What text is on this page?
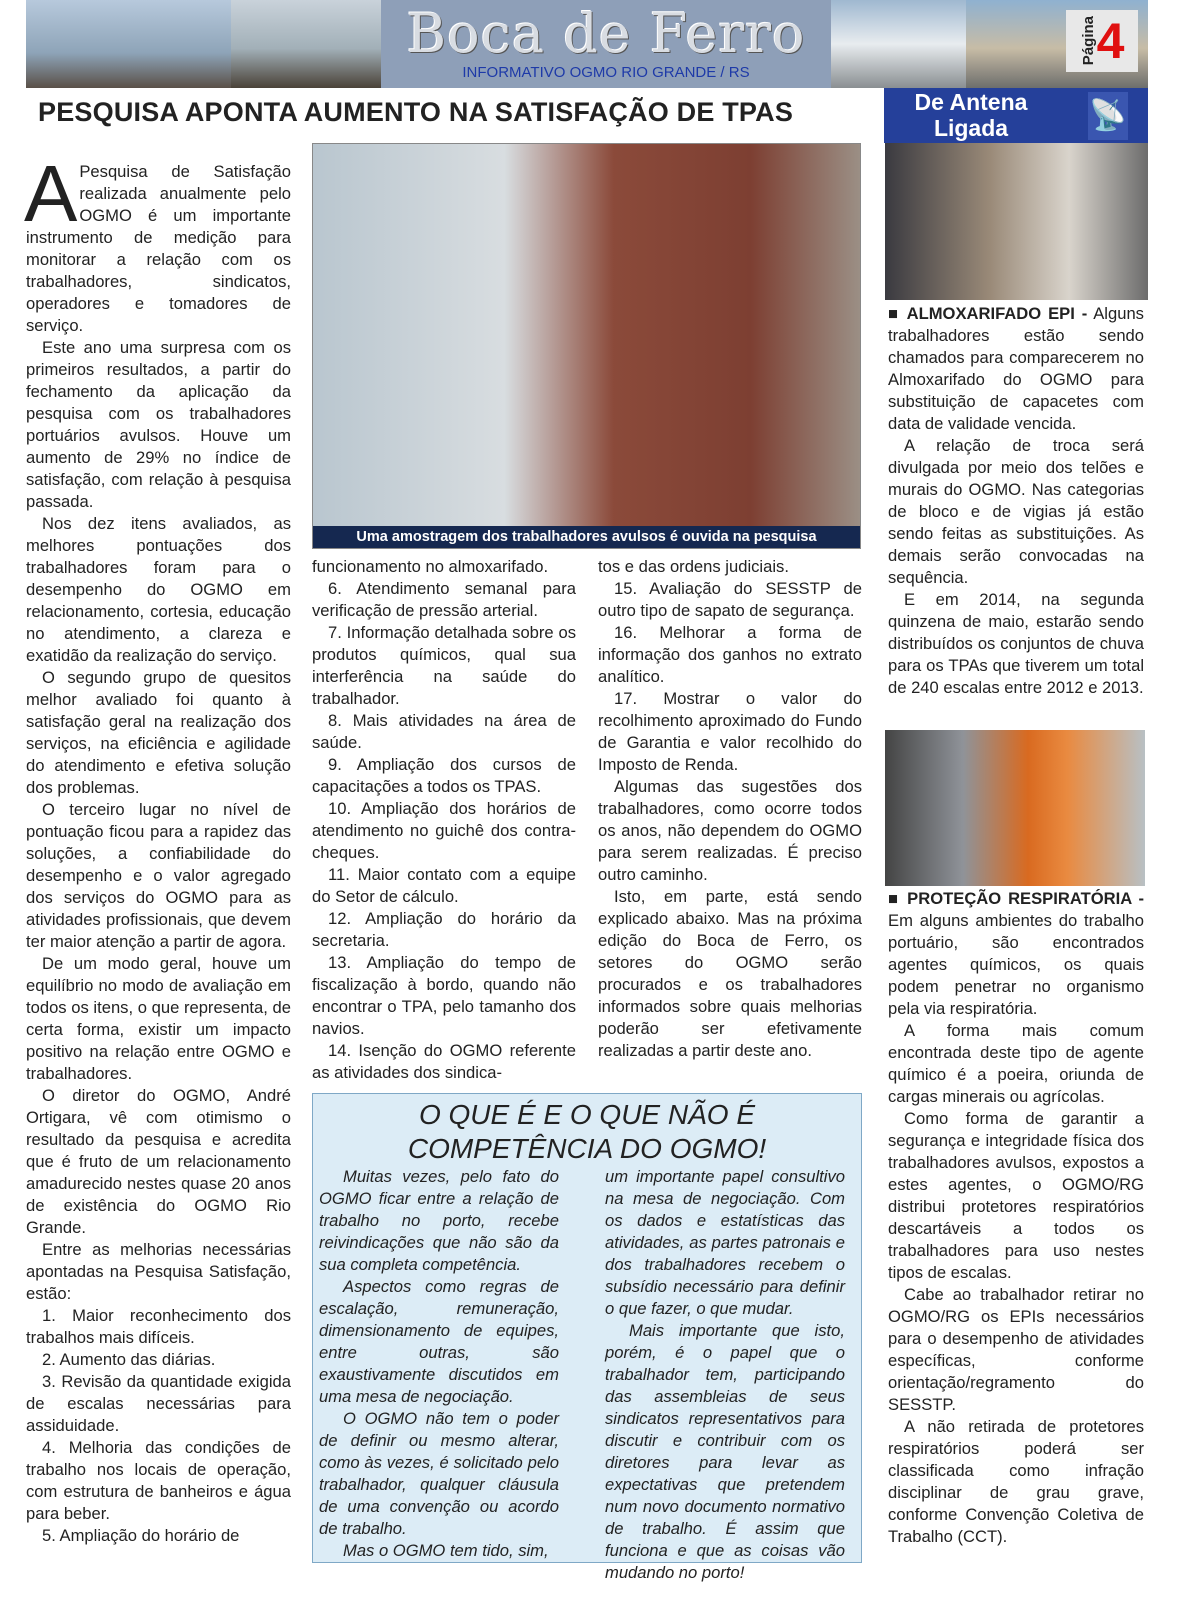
Boca de Ferro
INFORMATIVO OGMO RIO GRANDE / RS
Página 4
PESQUISA APONTA AUMENTO NA SATISFAÇÃO DE TPAS
A Pesquisa de Satisfação realizada anualmente pelo OGMO é um importante instrumento de medição para monitorar a relação com os trabalhadores, sindicatos, operadores e tomadores de serviço.

Este ano uma surpresa com os primeiros resultados, a partir do fechamento da aplicação da pesquisa com os trabalhadores portuários avulsos. Houve um aumento de 29% no índice de satisfação, com relação à pesquisa passada.

Nos dez itens avaliados, as melhores pontuações dos trabalhadores foram para o desempenho do OGMO em relacionamento, cortesia, educação no atendimento, a clareza e exatidão da realização do serviço.

O segundo grupo de quesitos melhor avaliado foi quanto à satisfação geral na realização dos serviços, na eficiência e agilidade do atendimento e efetiva solução dos problemas.

O terceiro lugar no nível de pontuação ficou para a rapidez das soluções, a confiabilidade do desempenho e o valor agregado dos serviços do OGMO para as atividades profissionais, que devem ter maior atenção a partir de agora.

De um modo geral, houve um equilíbrio no modo de avaliação em todos os itens, o que representa, de certa forma, existir um impacto positivo na relação entre OGMO e trabalhadores.

O diretor do OGMO, André Ortigara, vê com otimismo o resultado da pesquisa e acredita que é fruto de um relacionamento amadurecido nestes quase 20 anos de existência do OGMO Rio Grande.

Entre as melhorias necessárias apontadas na Pesquisa Satisfação, estão:

1. Maior reconhecimento dos trabalhos mais difíceis.

2. Aumento das diárias.

3. Revisão da quantidade exigida de escalas necessárias para assiduidade.

4. Melhoria das condições de trabalho nos locais de operação, com estrutura de banheiros e água para beber.

5. Ampliação do horário de

Uma amostragem dos trabalhadores avulsos é ouvida na pesquisa

funcionamento no almoxarifado.

6. Atendimento semanal para verificação de pressão arterial.

7. Informação detalhada sobre os produtos químicos, qual sua interferência na saúde do trabalhador.

8. Mais atividades na área de saúde.

9. Ampliação dos cursos de capacitações a todos os TPAS.

10. Ampliação dos horários de atendimento no guichê dos contra-cheques.

11. Maior contato com a equipe do Setor de cálculo.

12. Ampliação do horário da secretaria.

13. Ampliação do tempo de fiscalização à bordo, quando não encontrar o TPA, pelo tamanho dos navios.

14. Isenção do OGMO referente as atividades dos sindica-

tos e das ordens judiciais.

15. Avaliação do SESSTP de outro tipo de sapato de segurança.

16. Melhorar a forma de informação dos ganhos no extrato analítico.

17. Mostrar o valor do recolhimento aproximado do Fundo de Garantia e valor recolhido do Imposto de Renda.

Algumas das sugestões dos trabalhadores, como ocorre todos os anos, não dependem do OGMO para serem realizadas. É preciso outro caminho.

Isto, em parte, está sendo explicado abaixo. Mas na próxima edição do Boca de Ferro, os setores do OGMO serão procurados e os trabalhadores informados sobre quais melhorias poderão ser efetivamente realizadas a partir deste ano.

O QUE É E O QUE NÃO É
COMPETÊNCIA DO OGMO!

Muitas vezes, pelo fato do OGMO ficar entre a relação de trabalho no porto, recebe reivindicações que não são da sua completa competência.

Aspectos como regras de escalação, remuneração, dimensionamento de equipes, entre outras, são exaustivamente discutidos em uma mesa de negociação.

O OGMO não tem o poder de definir ou mesmo alterar, como às vezes, é solicitado pelo trabalhador, qualquer cláusula de uma convenção ou acordo de trabalho.

Mas o OGMO tem tido, sim,

um importante papel consultivo na mesa de negociação. Com os dados e estatísticas das atividades, as partes patronais e dos trabalhadores recebem o subsídio necessário para definir o que fazer, o que mudar.

Mais importante que isto, porém, é o papel que o trabalhador tem, participando das assembleias de seus sindicatos representativos para discutir e contribuir com os diretores para levar as expectativas que pretendem num novo documento normativo de trabalho. É assim que funciona e que as coisas vão mudando no porto!

De Antena Ligada	📡

■ ALMOXARIFADO EPI - Alguns trabalhadores estão sendo chamados para comparecerem no Almoxarifado do OGMO para substituição de capacetes com data de validade vencida.

A relação de troca será divulgada por meio dos telões e murais do OGMO. Nas categorias de bloco e de vigias já estão sendo feitas as substituições. As demais serão convocadas na sequência.

E em 2014, na segunda quinzena de maio, estarão sendo distribuídos os conjuntos de chuva para os TPAs que tiverem um total de 240 escalas entre 2012 e 2013.

■ PROTEÇÃO RESPIRATÓRIA - Em alguns ambientes do trabalho portuário, são encontrados agentes químicos, os quais podem penetrar no organismo pela via respiratória.

A forma mais comum encontrada deste tipo de agente químico é a poeira, oriunda de cargas minerais ou agrícolas.

Como forma de garantir a segurança e integridade física dos trabalhadores avulsos, expostos a estes agentes, o OGMO/RG distribui protetores respiratórios descartáveis a todos os trabalhadores para uso nestes tipos de escalas.

Cabe ao trabalhador retirar no OGMO/RG os EPIs necessários para o desempenho de atividades específicas, conforme orientação/regramento do SESSTP.

A não retirada de protetores respiratórios poderá ser classificada como infração disciplinar de grau grave, conforme Convenção Coletiva de Trabalho (CCT).
